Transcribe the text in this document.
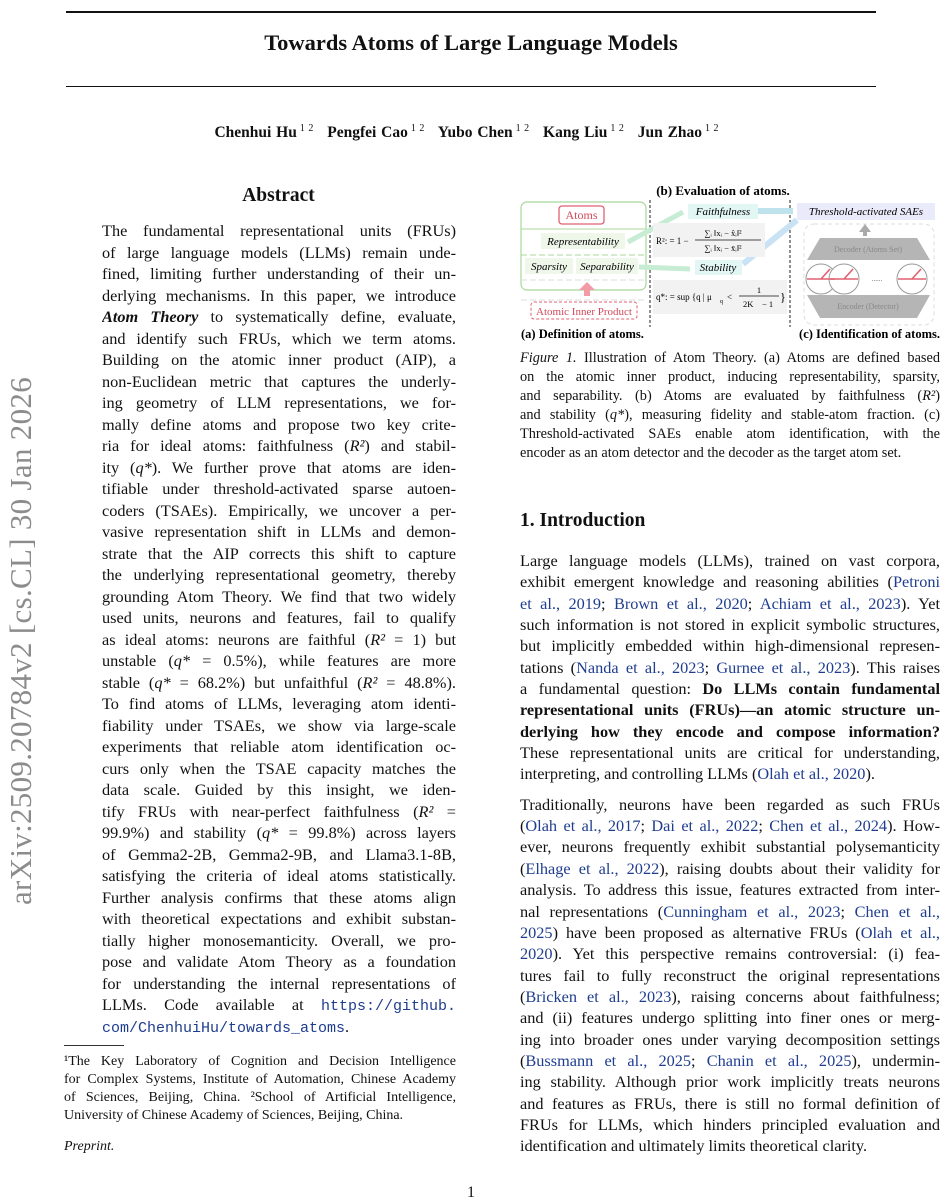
Towards Atoms of Large Language Models
Chenhui Hu $^{1 2}$ Pengfei Cao $^{1 2}$ Yubo Chen $^{1 2}$ Kang Liu $^{1 2}$ Jun Zhao $^{1 2}$
arXiv:2509.20784v2 [cs.CL] 30 Jan 2026
Abstract
The fundamental representational units (FRUs)
of large language models (LLMs) remain unde-
fined, limiting further understanding of their un-
derlying mechanisms. In this paper, we introduce
Atom Theory to systematically define, evaluate,
and identify such FRUs, which we term atoms.
Building on the atomic inner product (AIP), a
non-Euclidean metric that captures the underly-
ing geometry of LLM representations, we for-
mally define atoms and propose two key crite-
ria for ideal atoms: faithfulness (R²) and stabil-
ity (q*). We further prove that atoms are iden-
tifiable under threshold-activated sparse autoen-
coders (TSAEs). Empirically, we uncover a per-
vasive representation shift in LLMs and demon-
strate that the AIP corrects this shift to capture
the underlying representational geometry, thereby
grounding Atom Theory. We find that two widely
used units, neurons and features, fail to qualify
as ideal atoms: neurons are faithful (R² = 1) but
unstable (q* = 0.5%), while features are more
stable (q* = 68.2%) but unfaithful (R² = 48.8%).
To find atoms of LLMs, leveraging atom identi-
fiability under TSAEs, we show via large-scale
experiments that reliable atom identification oc-
curs only when the TSAE capacity matches the
data scale. Guided by this insight, we iden-
tify FRUs with near-perfect faithfulness (R² =
99.9%) and stability (q* = 99.8%) across layers
of Gemma2-2B, Gemma2-9B, and Llama3.1-8B,
satisfying the criteria of ideal atoms statistically.
Further analysis confirms that these atoms align
with theoretical expectations and exhibit substan-
tially higher monosemanticity. Overall, we pro-
pose and validate Atom Theory as a foundation
for understanding the internal representations of
LLMs. Code available at https://github.
com/ChenhuiHu/towards_atoms.
¹The Key Laboratory of Cognition and Decision Intelligence
for Complex Systems, Institute of Automation, Chinese Academy
of Sciences, Beijing, China. ²School of Artificial Intelligence,
University of Chinese Academy of Sciences, Beijing, China.
Preprint.
(b) Evaluation of atoms.
Atoms
Representability
Sparsity Separability
Atomic Inner Product
Faithfulness
R²: = 1 −
∑ᵢ ‖xᵢ − x̂ᵢ‖²
∑ᵢ ‖xᵢ − x̄ᵢ‖²
Stability
q*: = sup {q | μ q <
1
2K − 1 }
Threshold-activated SAEs
Decoder (Atoms Set)
......
Encoder (Detector)
(a) Definition of atoms.	(c) Identification of atoms.
Figure 1. Illustration of Atom Theory. (a) Atoms are defined based
on the atomic inner product, inducing representability, sparsity,
and separability. (b) Atoms are evaluated by faithfulness (R²)
and stability (q*), measuring fidelity and stable-atom fraction. (c)
Threshold-activated SAEs enable atom identification, with the
encoder as an atom detector and the decoder as the target atom set.
1. Introduction
Large language models (LLMs), trained on vast corpora,
exhibit emergent knowledge and reasoning abilities (Petroni
et al., 2019; Brown et al., 2020; Achiam et al., 2023). Yet
such information is not stored in explicit symbolic structures,
but implicitly embedded within high-dimensional represen-
tations (Nanda et al., 2023; Gurnee et al., 2023). This raises
a fundamental question: Do LLMs contain fundamental
representational units (FRUs)—an atomic structure un-
derlying how they encode and compose information?
These representational units are critical for understanding,
interpreting, and controlling LLMs (Olah et al., 2020).
Traditionally, neurons have been regarded as such FRUs
(Olah et al., 2017; Dai et al., 2022; Chen et al., 2024). How-
ever, neurons frequently exhibit substantial polysemanticity
(Elhage et al., 2022), raising doubts about their validity for
analysis. To address this issue, features extracted from inter-
nal representations (Cunningham et al., 2023; Chen et al.,
2025) have been proposed as alternative FRUs (Olah et al.,
2020). Yet this perspective remains controversial: (i) fea-
tures fail to fully reconstruct the original representations
(Bricken et al., 2023), raising concerns about faithfulness;
and (ii) features undergo splitting into finer ones or merg-
ing into broader ones under varying decomposition settings
(Bussmann et al., 2025; Chanin et al., 2025), undermin-
ing stability. Although prior work implicitly treats neurons
and features as FRUs, there is still no formal definition of
FRUs for LLMs, which hinders principled evaluation and
identification and ultimately limits theoretical clarity.
1
